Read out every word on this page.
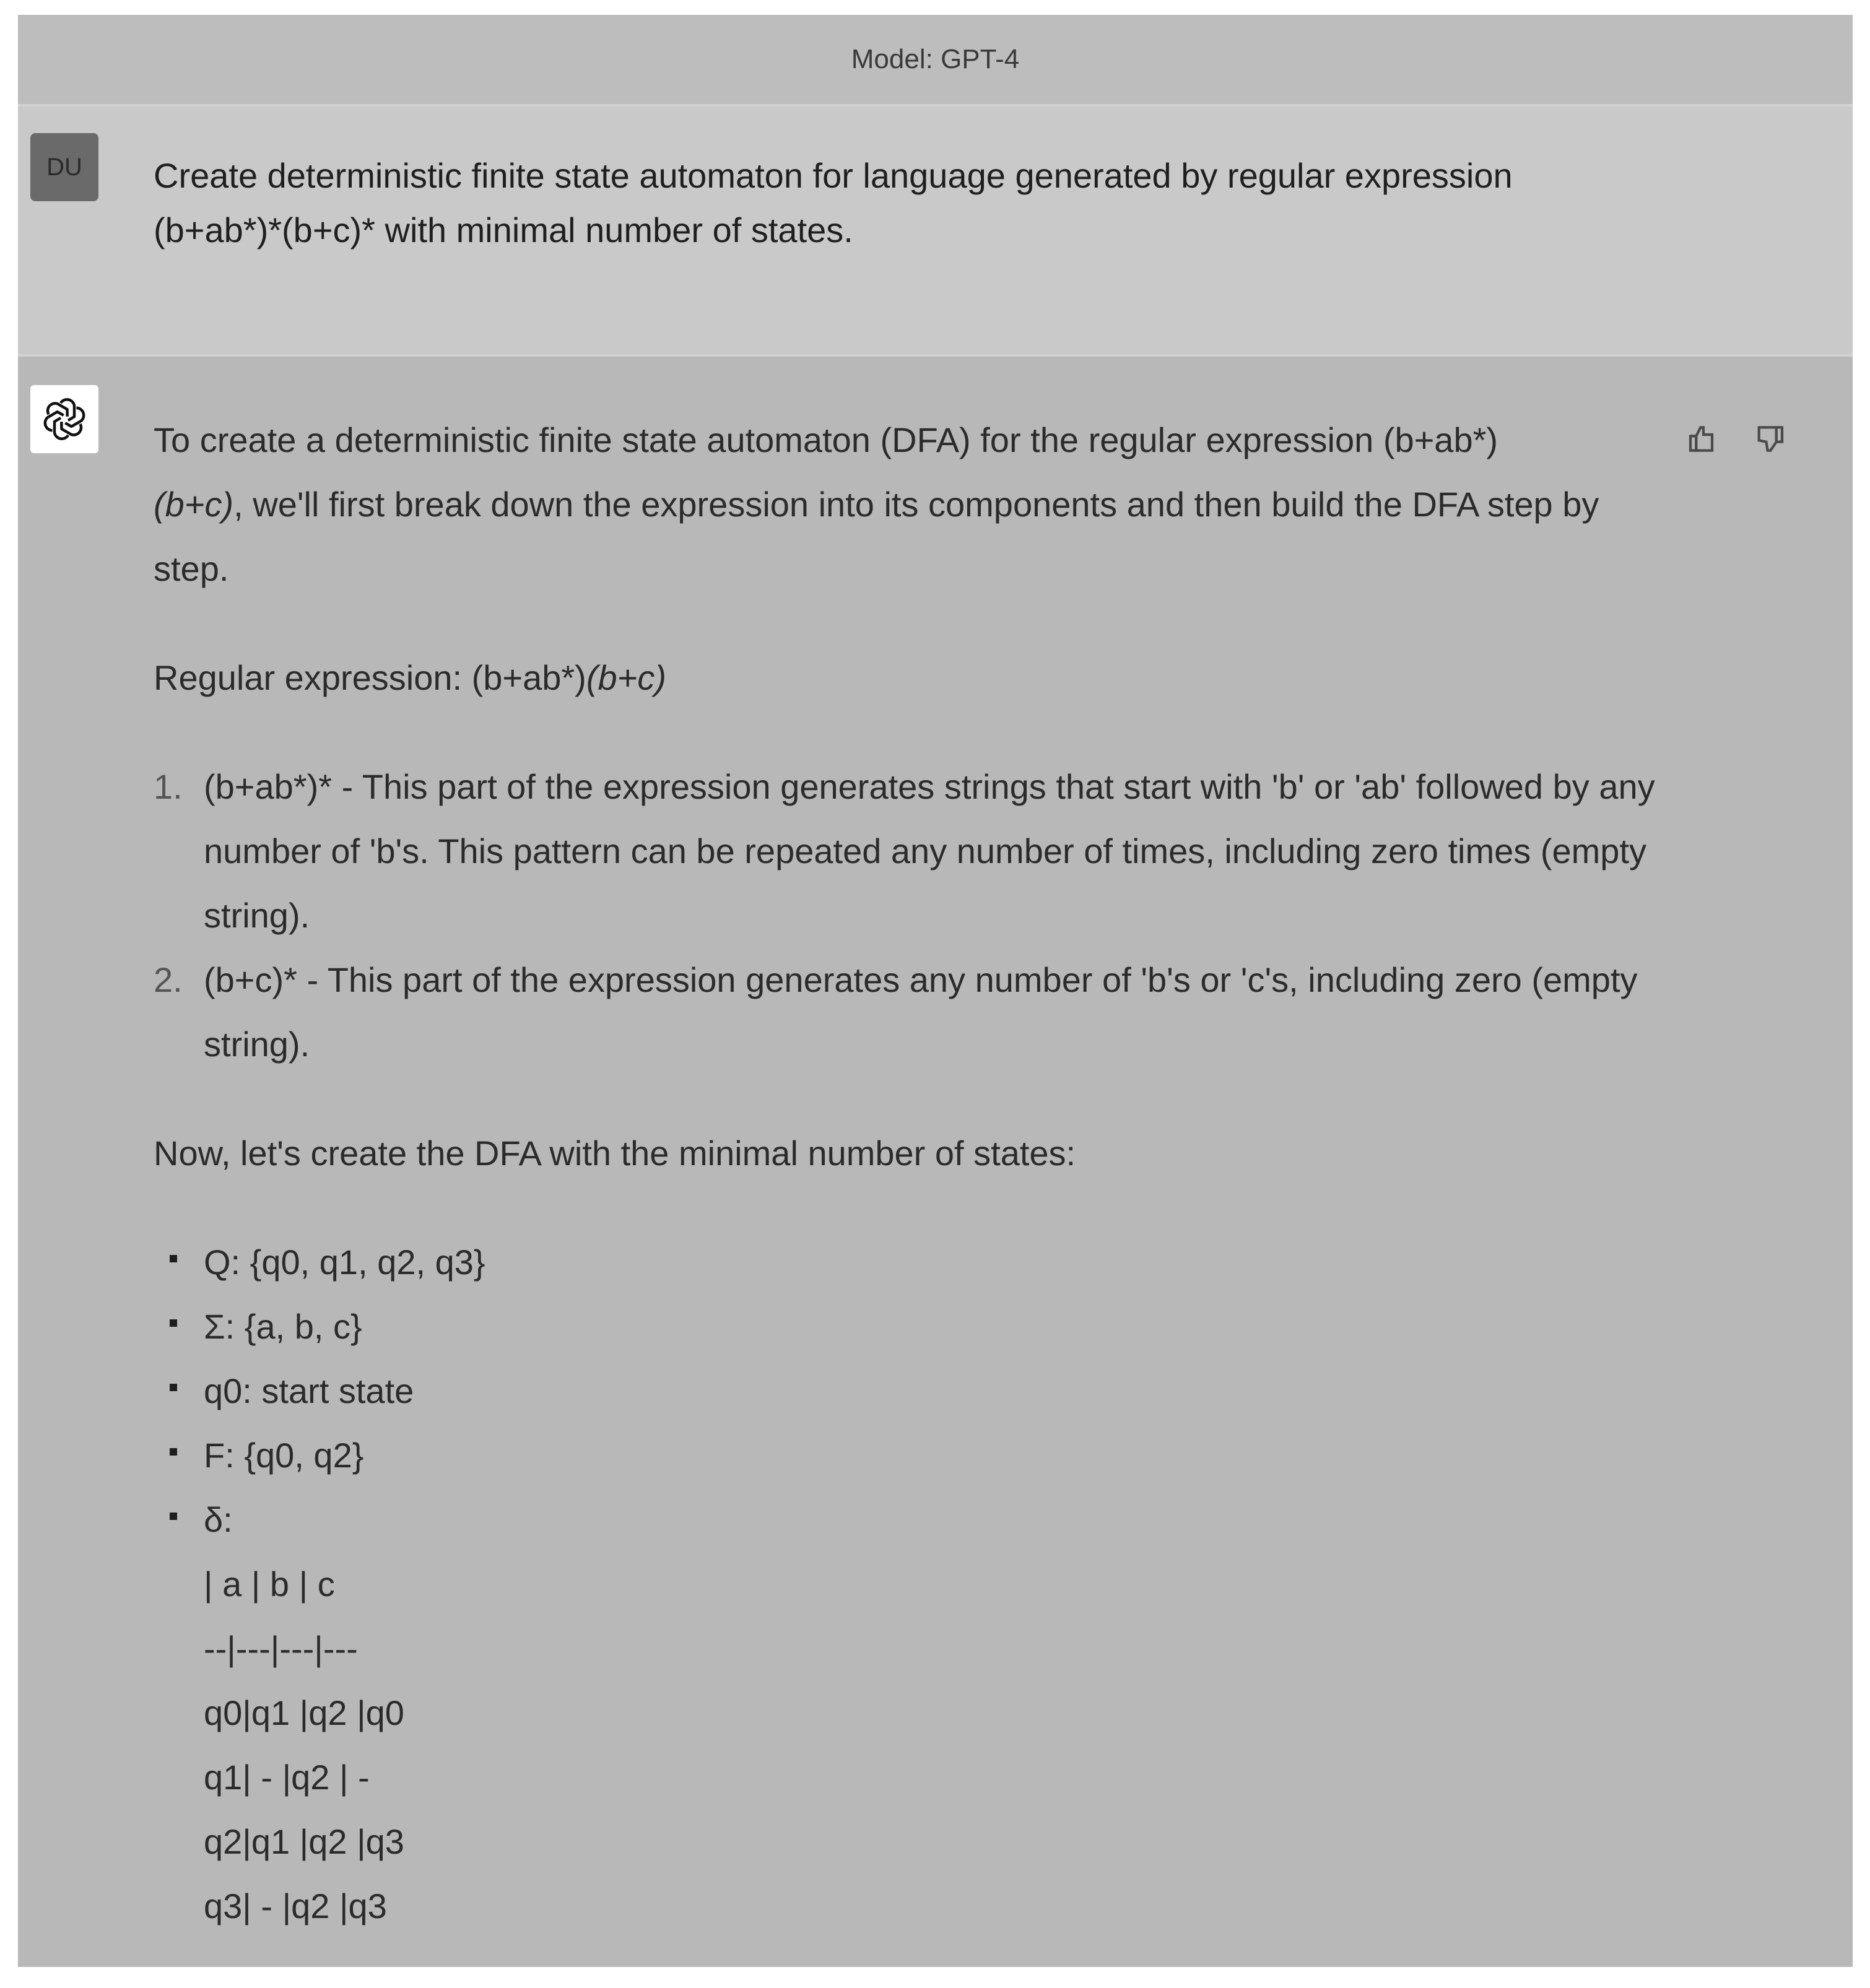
Model: GPT-4
DU Create deterministic finite state automaton for language generated by regular expression
(b+ab*)*(b+c)* with minimal number of states.

To create a deterministic finite state automaton (DFA) for the regular expression (b+ab*)
(b+c), we'll first break down the expression into its components and then build the DFA step by step.

Regular expression: (b+ab*)(b+c)

1. (b+ab*)* - This part of the expression generates strings that start with 'b' or 'ab' followed by any number of 'b's. This pattern can be repeated any number of times, including zero times (empty string).
2. (b+c)* - This part of the expression generates any number of 'b's or 'c's, including zero (empty string).

Now, let's create the DFA with the minimal number of states:

Q: {q0, q1, q2, q3}
Σ: {a, b, c}
q0: start state
F: {q0, q2}
δ:
| a | b | c
--|---|---|---
q0|q1 |q2 |q0
q1| - |q2 | -
q2|q1 |q2 |q3
q3| - |q2 |q3
